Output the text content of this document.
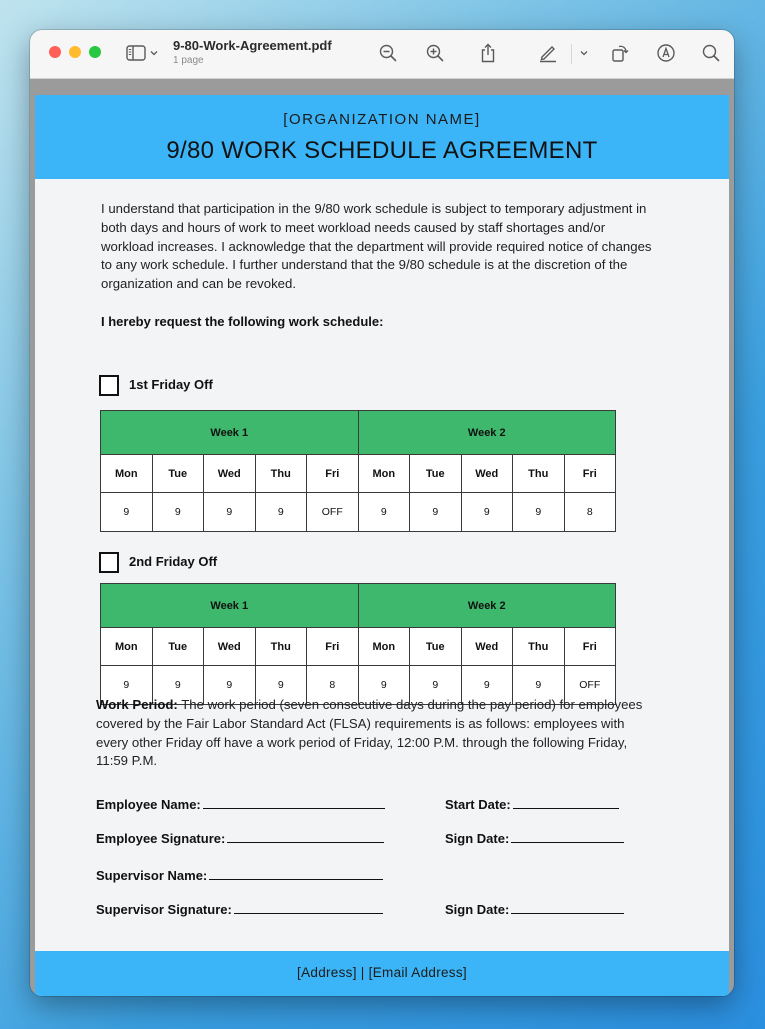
9-80-Work-Agreement.pdf
1 page
[ORGANIZATION NAME]
9/80 WORK SCHEDULE AGREEMENT
I understand that participation in the 9/80 work schedule is subject to temporary adjustment in both days and hours of work to meet workload needs caused by staff shortages and/or workload increases. I acknowledge that the department will provide required notice of changes to any work schedule. I further understand that the 9/80 schedule is at the discretion of the organization and can be revoked.
I hereby request the following work schedule:
1st Friday Off
Week 1					Week 2				
Mon	Tue	Wed	Thu	Fri	Mon	Tue	Wed	Thu	Fri
9	9	9	9	OFF	9	9	9	9	8
2nd Friday Off
Week 1					Week 2				
Mon	Tue	Wed	Thu	Fri	Mon	Tue	Wed	Thu	Fri
9	9	9	9	8	9	9	9	9	OFF
Work Period: The work period (seven consecutive days during the pay period) for employees covered by the Fair Labor Standard Act (FLSA) requirements is as follows: employees with every other Friday off have a work period of Friday, 12:00 P.M. through the following Friday, 11:59 P.M.
Employee Name:	Start Date:
Employee Signature:	Sign Date:
Supervisor Name:
Supervisor Signature:	Sign Date:
[Address] | [Email Address]
